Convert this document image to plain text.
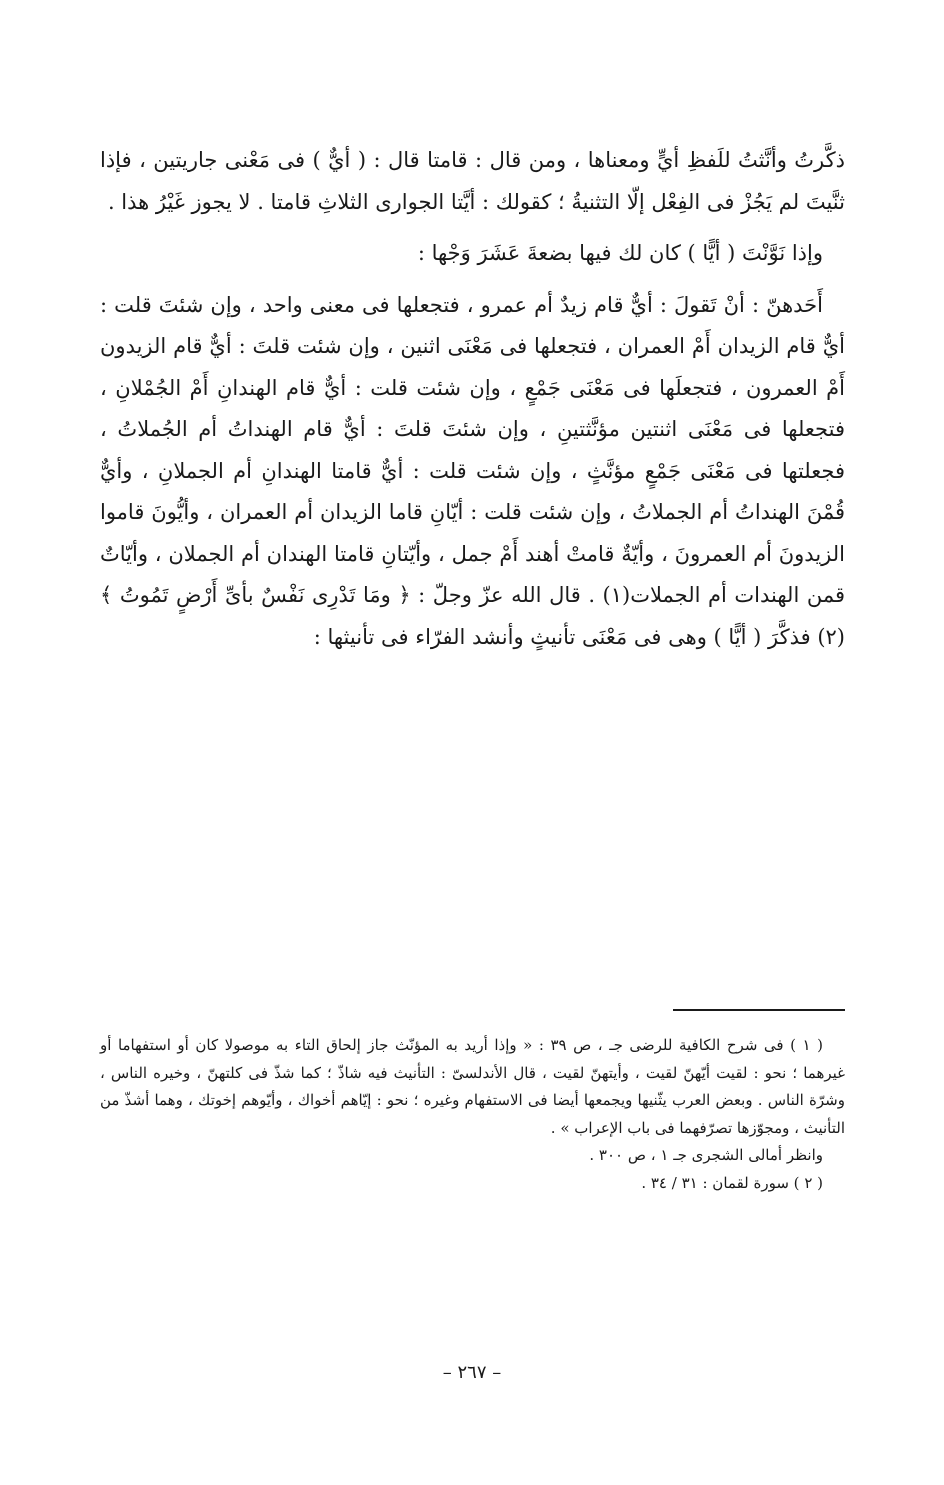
ذكَّرتُ وأنَّثتُ للَفظِ أيٍّ ومعناها ، ومن قال : قامتا قال : ( أيٌّ ) فى مَعْنى جاريتين ، فإذا ثنَّيتَ لم يَجُزْ فى الفِعْل إلّا التثنيةُ ؛ كقولك : أيَّتا الجوارى الثلاثِ قامتا . لا يجوز غَيْرُ هذا .

وإذا نَوَّنْتَ ( أيًّا ) كان لك فيها بضعةَ عَشَرَ وَجْها :

أَحَدهنّ : أنْ تَقولَ : أيٌّ قام زيدٌ أم عمرو ، فتجعلها فى معنى واحد ، وإن شئتَ قلت : أيٌّ قام الزيدان أَمْ العمران ، فتجعلها فى مَعْنَى اثنين ، وإن شئت قلتَ : أيٌّ قام الزيدون أَمْ العمرون ، فتجعلَها فى مَعْنَى جَمْعٍ ، وإن شئت قلت : أيٌّ قام الهندانِ أَمْ الجُمْلانِ ، فتجعلها فى مَعْنَى اثنتين مؤنَّثتينِ ، وإن شئتَ قلتَ : أيٌّ قام الهنداتُ أم الجُملاتُ ، فجعلتها فى مَعْنَى جَمْعٍ مؤنَّثٍ ، وإن شئت قلت : أيٌّ قامتا الهندانِ أم الجملانِ ، وأيٌّ قُمْنَ الهنداتُ أم الجملاتُ ، وإن شئت قلت : أيّانِ قاما الزيدان أم العمران ، وأيُّونَ قاموا الزيدونَ أم العمرونَ ، وأيّةٌ قامتْ أهند أَمْ جمل ، وأيّتانِ قامتا الهندان أم الجملان ، وأيّاتٌ قمن الهندات أم الجملات(١) . قال الله عزّ وجلّ : ﴿ ومَا تَدْرِى نَفْسٌ بأىِّ أَرْضٍ تَمُوتُ ﴾(٢) فذكَّرَ ( أيًّا ) وهى فى مَعْنَى تأنيثٍ وأنشد الفرّاء فى تأنيثها :

( ١ ) فى شرح الكافية للرضى جـ ، ص ٣٩ : « وإذا أريد به المؤنّث جاز إلحاق التاء به موصولا كان أو استفهاما أو غيرهما ؛ نحو : لقيت أيّهنّ لقيت ، وأيتهنّ لقيت ، قال الأندلسىّ : التأنيث فيه شاذّ ؛ كما شذّ فى كلتهنّ ، وخيره الناس ، وشرّة الناس . وبعض العرب يثّنيها ويجمعها أيضا فى الاستفهام وغيره ؛ نحو : إيّاهم أخواك ، وأيّوهم إخوتك ، وهما أشذّ من التأنيث ، ومجوّزها تصرّفهما فى باب الإعراب » .

وانظر أمالى الشجرى جـ ١ ، ص ٣٠٠ .

( ٢ ) سورة لقمان : ٣١ / ٣٤ .

– ٢٦٧ –
